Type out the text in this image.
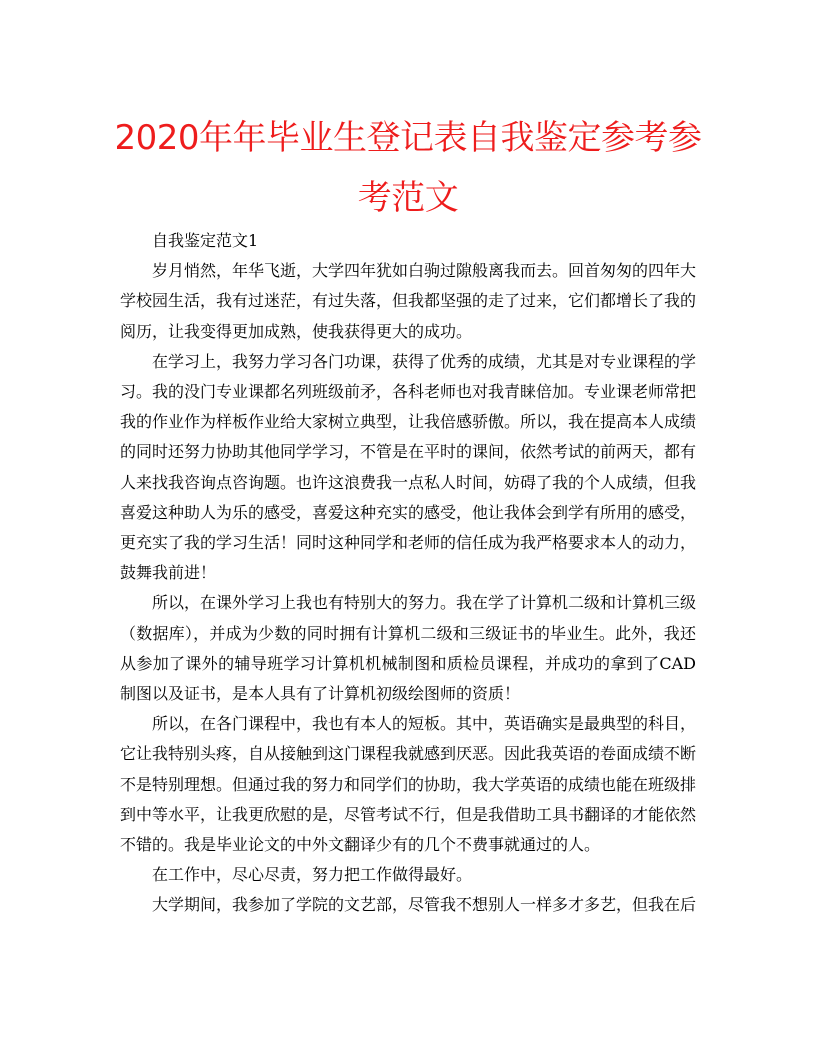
2020年年毕业生登记表自我鉴定参考参考范文

自我鉴定范文1

岁月悄然，年华飞逝，大学四年犹如白驹过隙般离我而去。回首匆匆的四年大学校园生活，我有过迷茫，有过失落，但我都坚强的走了过来，它们都增长了我的阅历，让我变得更加成熟，使我获得更大的成功。

在学习上，我努力学习各门功课，获得了优秀的成绩，尤其是对专业课程的学习。我的没门专业课都名列班级前矛，各科老师也对我青睐倍加。专业课老师常把我的作业作为样板作业给大家树立典型，让我倍感骄傲。所以，我在提高本人成绩的同时还努力协助其他同学学习，不管是在平时的课间，依然考试的前两天，都有人来找我咨询点咨询题。也许这浪费我一点私人时间，妨碍了我的个人成绩，但我喜爱这种助人为乐的感受，喜爱这种充实的感受，他让我体会到学有所用的感受，更充实了我的学习生活！同时这种同学和老师的信任成为我严格要求本人的动力，鼓舞我前进！

所以，在课外学习上我也有特别大的努力。我在学了计算机二级和计算机三级（数据库），并成为少数的同时拥有计算机二级和三级证书的毕业生。此外，我还从参加了课外的辅导班学习计算机机械制图和质检员课程，并成功的拿到了CAD制图以及证书，是本人具有了计算机初级绘图师的资质！

所以，在各门课程中，我也有本人的短板。其中，英语确实是最典型的科目，它让我特别头疼，自从接触到这门课程我就感到厌恶。因此我英语的卷面成绩不断不是特别理想。但通过我的努力和同学们的协助，我大学英语的成绩也能在班级排到中等水平，让我更欣慰的是，尽管考试不行，但是我借助工具书翻译的才能依然不错的。我是毕业论文的中外文翻译少有的几个不费事就通过的人。

在工作中，尽心尽责，努力把工作做得最好。

大学期间，我参加了学院的文艺部，尽管我不想别人一样多才多艺，但我在后
